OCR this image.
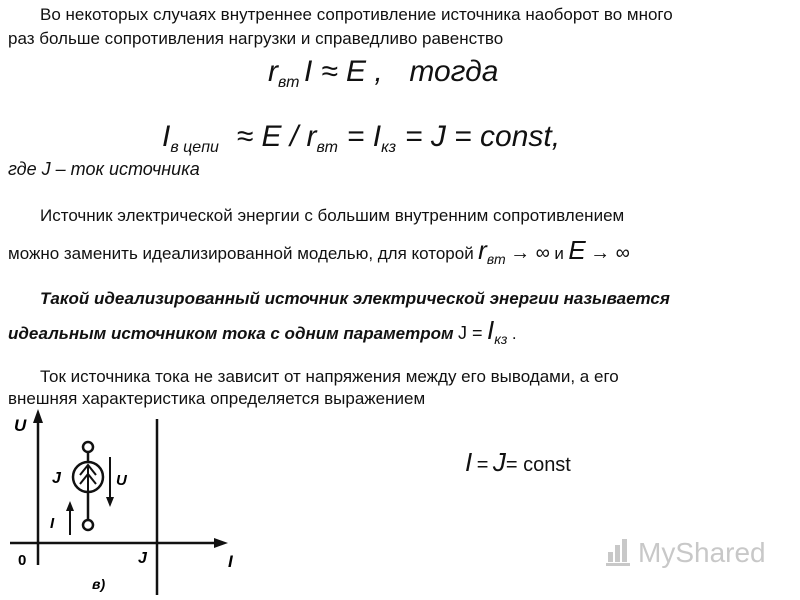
Во некоторых случаях внутреннее сопротивление источника наоборот во много
раз больше сопротивления нагрузки и справедливо равенство
rвт I ≈ E , тогда
Iв цепи ≈ E / rвт = Iкз = J = const,
где J – ток источника
Источник электрической энергии с большим внутренним сопротивлением
можно заменить идеализированной моделью, для которой rвт → ∞ и E → ∞
Такой идеализированный источник электрической энергии называется
идеальным источником тока с одним параметром J = Iкз .
Ток источника тока не зависит от напряжения между его выводами, а его
внешняя характеристика определяется выражением
I = J= const
U
I
0	J
J	U
I
в)
MyShared
